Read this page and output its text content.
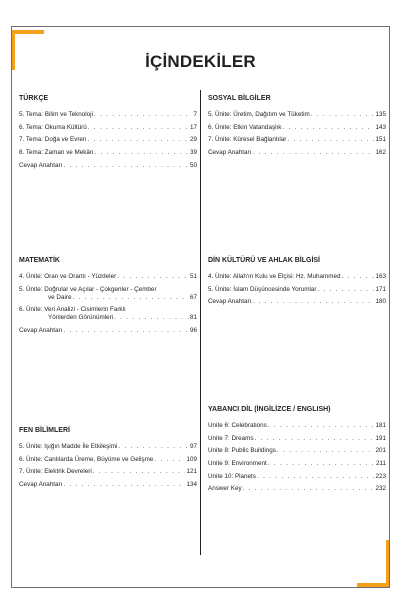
İÇİNDEKİLER
TÜRKÇE
5. Tema: Bilim ve Teknoloji . . .	7
6. Tema: Okuma Kültürü . . .	17
7. Tema: Doğa ve Evren . . .	29
8. Tema: Zaman ve Mekân . . .	39
Cevap Anahtarı . . .	50
SOSYAL BİLGİLER
5. Ünite: Üretim, Dağıtım ve Tüketim . . .	135
6. Ünite: Etkin Vatandaşlık . . .	143
7. Ünite: Küresel Bağlantılar . . .	151
Cevap Anahtarı . . .	162
MATEMATİK
4. Ünite: Oran ve Orantı - Yüzdeler . . .	51
5. Ünite: Doğrular ve Açılar - Çokgenler - Çember
ve Daire . . .	67
6. Ünite: Veri Analizi - Cisimlerin Farklı
Yönlerden Görünümleri . . .	81
Cevap Anahtarı . . .	96
DİN KÜLTÜRÜ VE AHLAK BİLGİSİ
4. Ünite: Allah'ın Kulu ve Elçisi: Hz. Muhammed . . .	163
5. Ünite: İslam Düşüncesinde Yorumlar . . .	171
Cevap Anahtarı . . .	180
FEN BİLİMLERİ
5. Ünite: Işığın Madde İle Etkileşimi . . .	97
6. Ünite: Canlılarda Üreme, Büyüme ve Gelişme . . .	109
7. Ünite: Elektrik Devreleri . . .	121
Cevap Anahtarı . . .	134
YABANCI DİL (İNGİLİZCE / ENGLISH)
Unite 6: Celebrations . . .	181
Unite 7: Dreams . . .	191
Unite 8: Public Buildings . . .	201
Unite 9: Environment . . .	211
Unite 10: Planets . . .	223
Answer Key . . .	232
